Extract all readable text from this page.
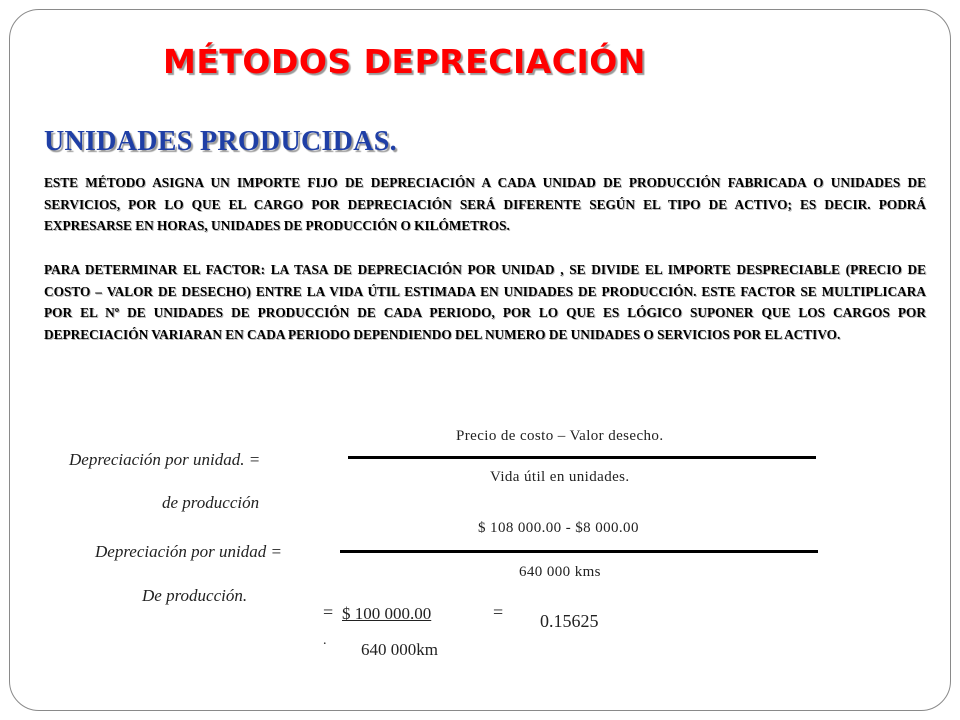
MÉTODOS DEPRECIACIÓN
UNIDADES PRODUCIDAS.

ESTE MÉTODO ASIGNA UN IMPORTE FIJO DE DEPRECIACIÓN A CADA UNIDAD DE PRODUCCIÓN FABRICADA O UNIDADES DE SERVICIOS, POR LO QUE EL CARGO POR DEPRECIACIÓN SERÁ DIFERENTE SEGÚN EL TIPO DE ACTIVO; ES DECIR. PODRÁ EXPRESARSE EN HORAS, UNIDADES DE PRODUCCIÓN O KILÓMETROS.

PARA DETERMINAR EL FACTOR: LA TASA DE DEPRECIACIÓN POR UNIDAD , SE DIVIDE EL IMPORTE DESPRECIABLE (PRECIO DE COSTO – VALOR DE DESECHO) ENTRE LA VIDA ÚTIL ESTIMADA EN UNIDADES DE PRODUCCIÓN. ESTE FACTOR SE MULTIPLICARA POR EL Nº DE UNIDADES DE PRODUCCIÓN DE CADA PERIODO, POR LO QUE ES LÓGICO SUPONER QUE LOS CARGOS POR DEPRECIACIÓN VARIARAN EN CADA PERIODO DEPENDIENDO DEL NUMERO DE UNIDADES O SERVICIOS POR EL ACTIVO.

Depreciación por unidad. =
de producción
Precio de costo – Valor desecho.
Vida útil en unidades.
$ 108 000.00 - $8 000.00
Depreciación por unidad =
640 000 kms
De producción.
= $ 100 000.00	= 0.15625
. 640 000km
